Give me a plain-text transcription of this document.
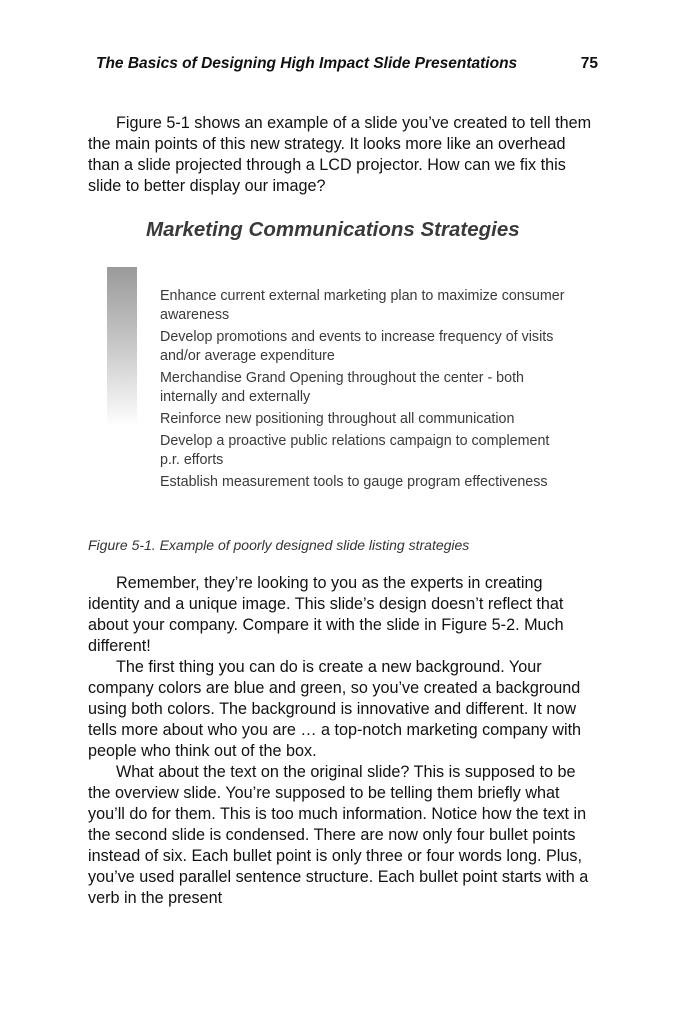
The Basics of Designing High Impact Slide Presentations	75

Figure 5-1 shows an example of a slide you’ve created to tell them the main points of this new strategy. It looks more like an overhead than a slide projected through a LCD projector. How can we fix this slide to better display our image?

Marketing Communications Strategies
Enhance current external marketing plan to maximize consumer awareness
Develop promotions and events to increase frequency of visits and/or average expenditure
Merchandise Grand Opening throughout the center - both internally and externally
Reinforce new positioning throughout all communication
Develop a proactive public relations campaign to complement p.r. efforts
Establish measurement tools to gauge program effectiveness
Figure 5-1. Example of poorly designed slide listing strategies

Remember, they’re looking to you as the experts in creating identity and a unique image. This slide’s design doesn’t reflect that about your company. Compare it with the slide in Figure 5-2. Much different!

The first thing you can do is create a new background. Your company colors are blue and green, so you’ve created a background using both colors. The background is innovative and different. It now tells more about who you are … a top-notch marketing company with people who think out of the box.

What about the text on the original slide? This is supposed to be the overview slide. You’re supposed to be telling them briefly what you’ll do for them. This is too much information. Notice how the text in the second slide is condensed. There are now only four bullet points instead of six. Each bullet point is only three or four words long. Plus, you’ve used parallel sentence structure. Each bullet point starts with a verb in the present
